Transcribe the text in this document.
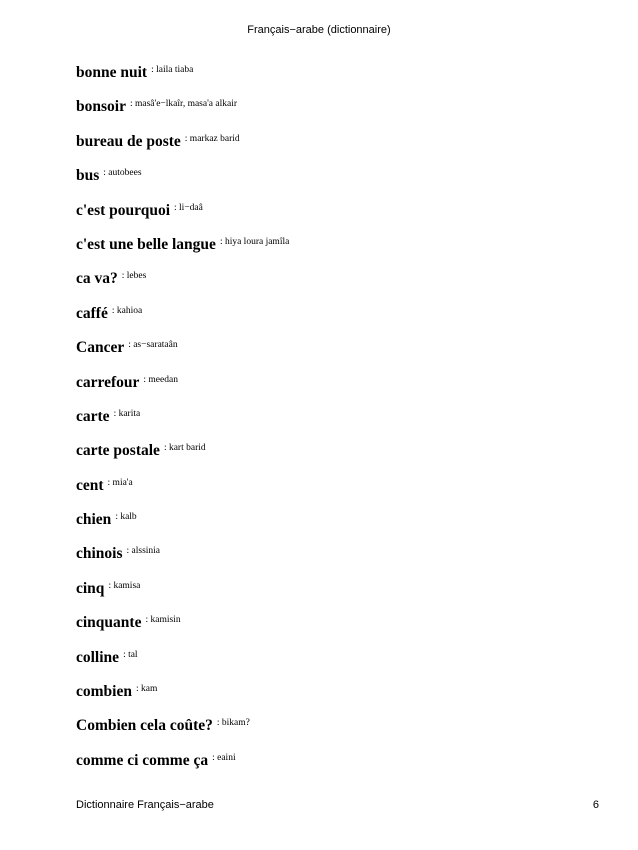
Français−arabe (dictionnaire)
bonne nuit : laila tiaba
bonsoir : masâ'e−lkaîr, masa'a alkair
bureau de poste : markaz barid
bus : autobees
c'est pourquoi : li−daâ
c'est une belle langue : hiya loura jamîla
ca va? : lebes
caffé : kahioa
Cancer : as−sarataân
carrefour : meedan
carte : karita
carte postale : kart barid
cent : mia'a
chien : kalb
chinois : alssinia
cinq : kamisa
cinquante : kamisin
colline : tal
combien : kam
Combien cela coûte? : bikam?
comme ci comme ça : eaini
Dictionnaire Français−arabe	6
